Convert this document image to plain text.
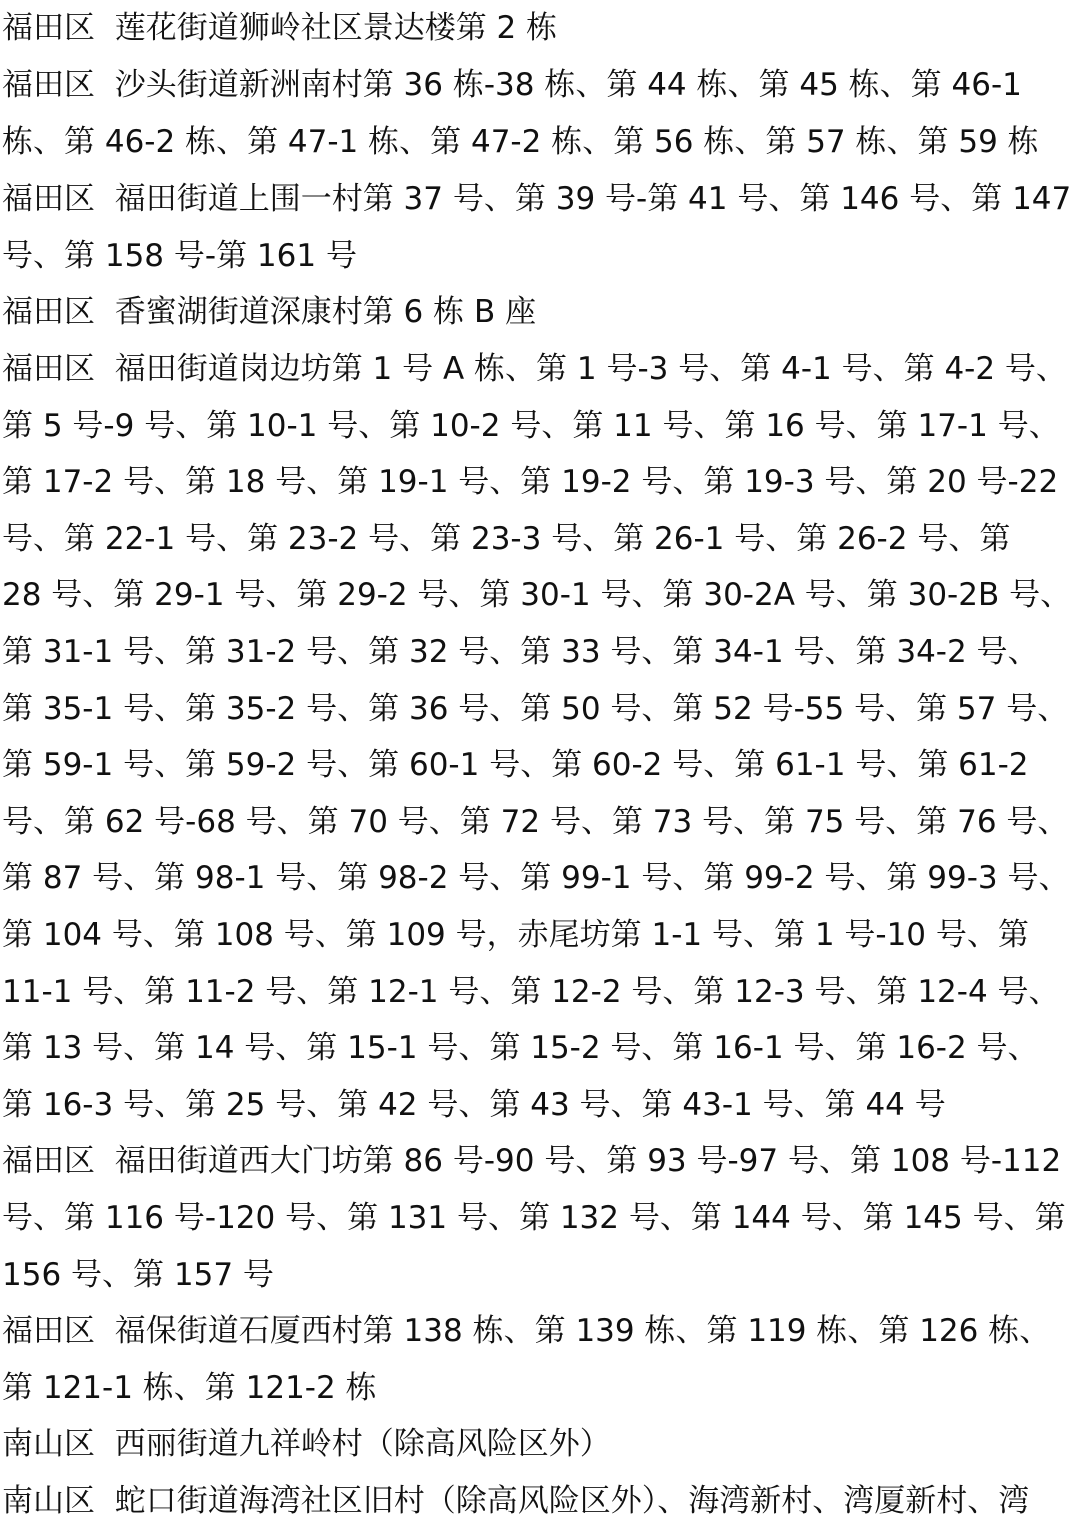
福田区  莲花街道狮岭社区景达楼第 2 栋
福田区  沙头街道新洲南村第 36 栋-38 栋、第 44 栋、第 45 栋、第 46-1
栋、第 46-2 栋、第 47-1 栋、第 47-2 栋、第 56 栋、第 57 栋、第 59 栋
福田区  福田街道上围一村第 37 号、第 39 号-第 41 号、第 146 号、第 147
号、第 158 号-第 161 号
福田区  香蜜湖街道深康村第 6 栋 B 座
福田区  福田街道岗边坊第 1 号 A 栋、第 1 号-3 号、第 4-1 号、第 4-2 号、
第 5 号-9 号、第 10-1 号、第 10-2 号、第 11 号、第 16 号、第 17-1 号、
第 17-2 号、第 18 号、第 19-1 号、第 19-2 号、第 19-3 号、第 20 号-22
号、第 22-1 号、第 23-2 号、第 23-3 号、第 26-1 号、第 26-2 号、第
28 号、第 29-1 号、第 29-2 号、第 30-1 号、第 30-2A 号、第 30-2B 号、
第 31-1 号、第 31-2 号、第 32 号、第 33 号、第 34-1 号、第 34-2 号、
第 35-1 号、第 35-2 号、第 36 号、第 50 号、第 52 号-55 号、第 57 号、
第 59-1 号、第 59-2 号、第 60-1 号、第 60-2 号、第 61-1 号、第 61-2
号、第 62 号-68 号、第 70 号、第 72 号、第 73 号、第 75 号、第 76 号、
第 87 号、第 98-1 号、第 98-2 号、第 99-1 号、第 99-2 号、第 99-3 号、
第 104 号、第 108 号、第 109 号，赤尾坊第 1-1 号、第 1 号-10 号、第
11-1 号、第 11-2 号、第 12-1 号、第 12-2 号、第 12-3 号、第 12-4 号、
第 13 号、第 14 号、第 15-1 号、第 15-2 号、第 16-1 号、第 16-2 号、
第 16-3 号、第 25 号、第 42 号、第 43 号、第 43-1 号、第 44 号
福田区  福田街道西大门坊第 86 号-90 号、第 93 号-97 号、第 108 号-112
号、第 116 号-120 号、第 131 号、第 132 号、第 144 号、第 145 号、第
156 号、第 157 号
福田区  福保街道石厦西村第 138 栋、第 139 栋、第 119 栋、第 126 栋、
第 121-1 栋、第 121-2 栋
南山区  西丽街道九祥岭村（除高风险区外）
南山区  蛇口街道海湾社区旧村（除高风险区外）、海湾新村、湾厦新村、湾
